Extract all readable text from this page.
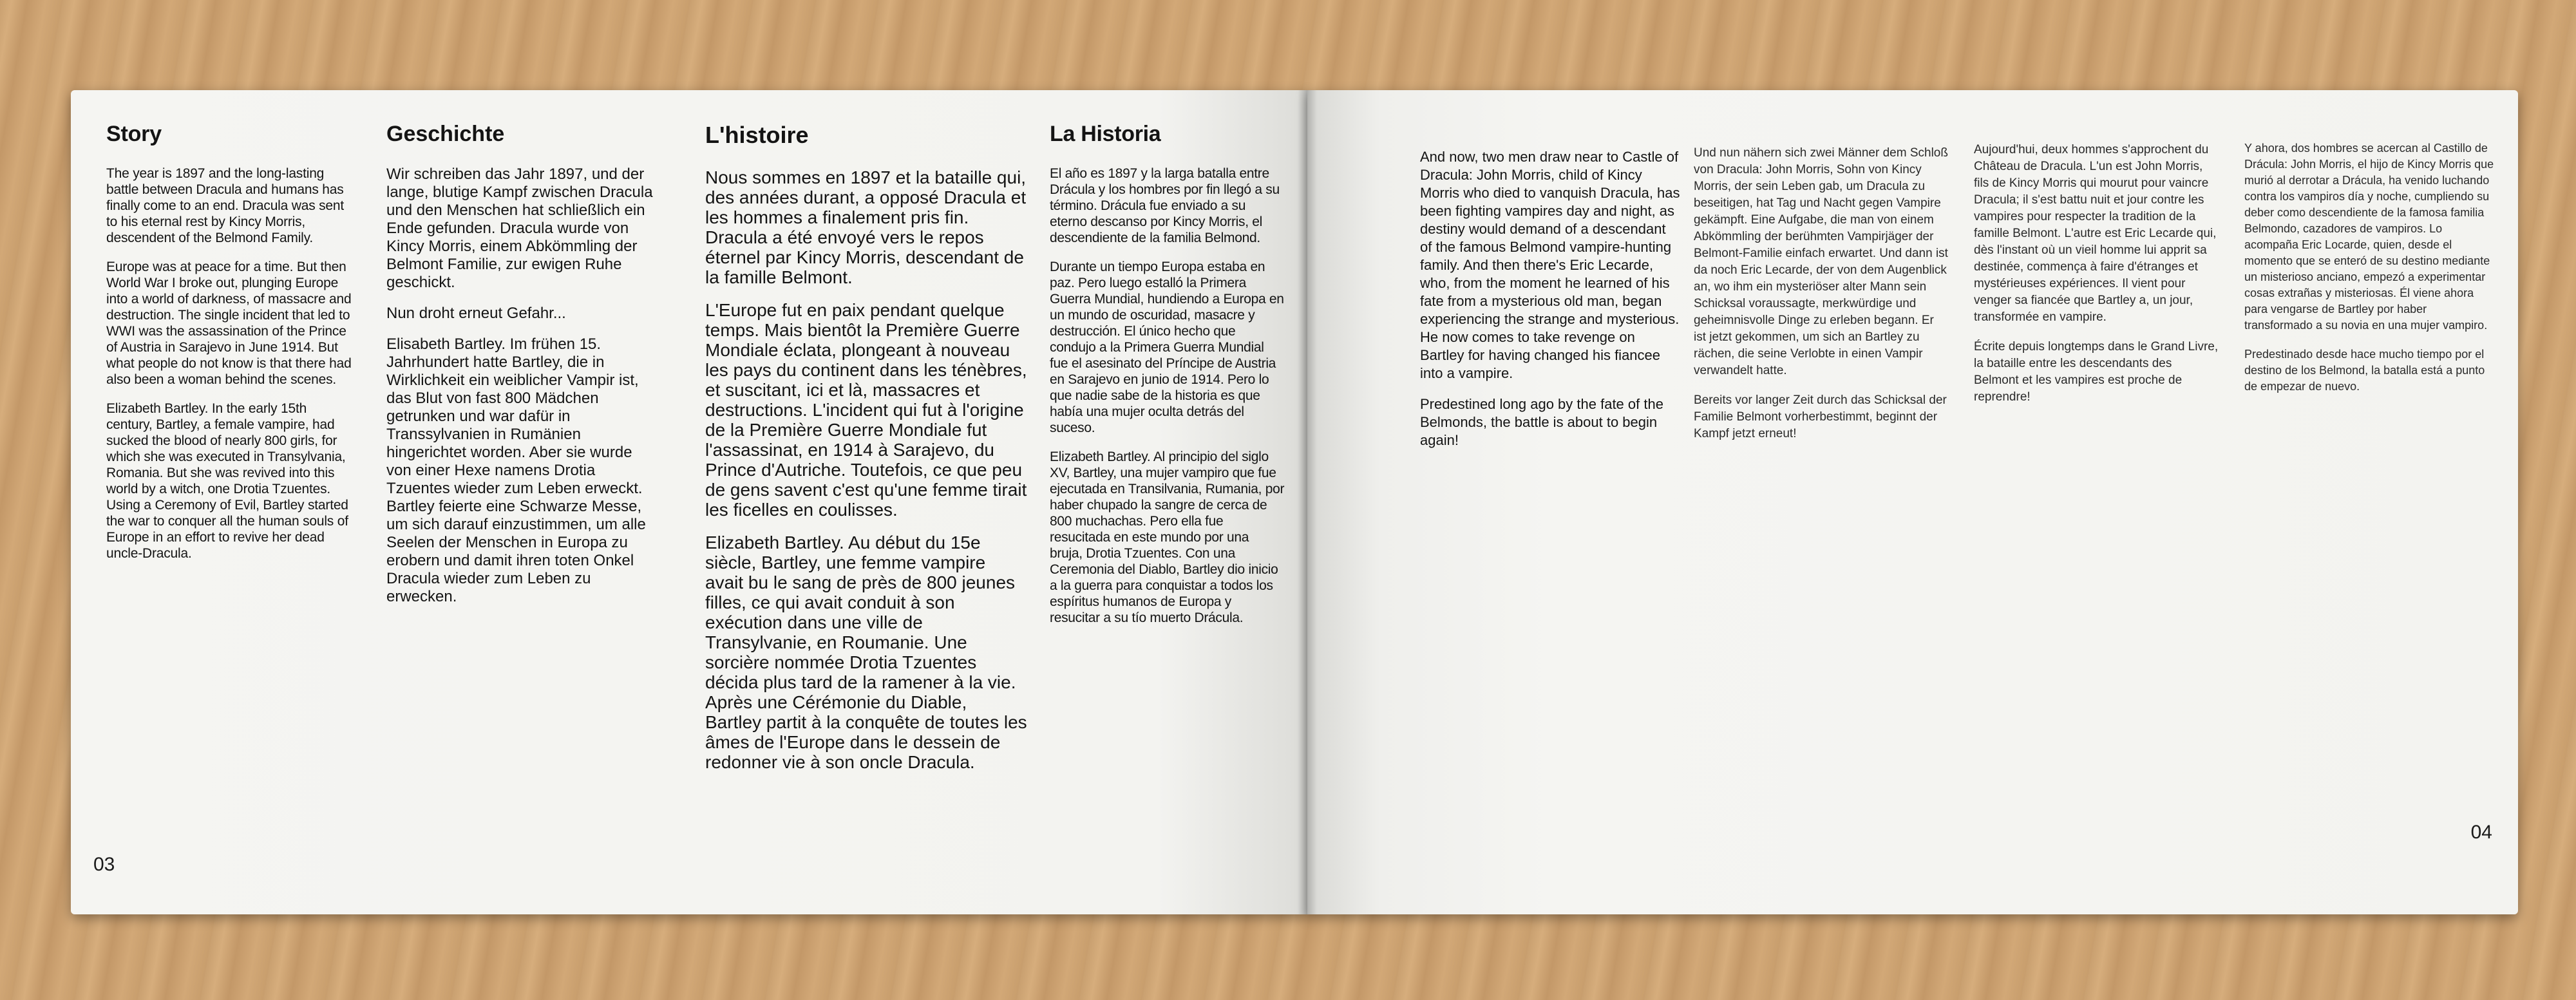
Story

The year is 1897 and the long-lasting battle between Dracula and humans has finally come to an end. Dracula was sent to his eternal rest by Kincy Morris, descendent of the Belmond Family.

Europe was at peace for a time. But then World War I broke out, plunging Europe into a world of darkness, of massacre and destruction. The single incident that led to WWI was the assassination of the Prince of Austria in Sarajevo in June 1914. But what people do not know is that there had also been a woman behind the scenes.

Elizabeth Bartley. In the early 15th century, Bartley, a female vampire, had sucked the blood of nearly 800 girls, for which she was executed in Transylvania, Romania. But she was revived into this world by a witch, one Drotia Tzuentes. Using a Ceremony of Evil, Bartley started the war to conquer all the human souls of Europe in an effort to revive her dead uncle-Dracula.

Geschichte

Wir schreiben das Jahr 1897, und der lange, blutige Kampf zwischen Dracula und den Menschen hat schließlich ein Ende gefunden. Dracula wurde von Kincy Morris, einem Abkömmling der Belmont Familie, zur ewigen Ruhe geschickt.

Nun droht erneut Gefahr...

Elisabeth Bartley. Im frühen 15. Jahrhundert hatte Bartley, die in Wirklichkeit ein weiblicher Vampir ist, das Blut von fast 800 Mädchen getrunken und war dafür in Transsylvanien in Rumänien hingerichtet worden. Aber sie wurde von einer Hexe namens Drotia Tzuentes wieder zum Leben erweckt. Bartley feierte eine Schwarze Messe, um sich darauf einzustimmen, um alle Seelen der Menschen in Europa zu erobern und damit ihren toten Onkel Dracula wieder zum Leben zu erwecken.

L'histoire

Nous sommes en 1897 et la bataille qui, des années durant, a opposé Dracula et les hommes a finalement pris fin. Dracula a été envoyé vers le repos éternel par Kincy Morris, descendant de la famille Belmont.

L'Europe fut en paix pendant quelque temps. Mais bientôt la Première Guerre Mondiale éclata, plongeant à nouveau les pays du continent dans les ténèbres, et suscitant, ici et là, massacres et destructions. L'incident qui fut à l'origine de la Première Guerre Mondiale fut l'assassinat, en 1914 à Sarajevo, du Prince d'Autriche. Toutefois, ce que peu de gens savent c'est qu'une femme tirait les ficelles en coulisses.

Elizabeth Bartley. Au début du 15e siècle, Bartley, une femme vampire avait bu le sang de près de 800 jeunes filles, ce qui avait conduit à son exécution dans une ville de Transylvanie, en Roumanie. Une sorcière nommée Drotia Tzuentes décida plus tard de la ramener à la vie. Après une Cérémonie du Diable, Bartley partit à la conquête de toutes les âmes de l'Europe dans le dessein de redonner vie à son oncle Dracula.

La Historia

El año es 1897 y la larga batalla entre Drácula y los hombres por fin llegó a su término. Drácula fue enviado a su eterno descanso por Kincy Morris, el descendiente de la familia Belmond.

Durante un tiempo Europa estaba en paz. Pero luego estalló la Primera Guerra Mundial, hundiendo a Europa en un mundo de oscuridad, masacre y destrucción. El único hecho que condujo a la Primera Guerra Mundial fue el asesinato del Príncipe de Austria en Sarajevo en junio de 1914. Pero lo que nadie sabe de la historia es que había una mujer oculta detrás del suceso.

Elizabeth Bartley. Al principio del siglo XV, Bartley, una mujer vampiro que fue ejecutada en Transilvania, Rumania, por haber chupado la sangre de cerca de 800 muchachas. Pero ella fue resucitada en este mundo por una bruja, Drotia Tzuentes. Con una Ceremonia del Diablo, Bartley dio inicio a la guerra para conquistar a todos los espíritus humanos de Europa y resucitar a su tío muerto Drácula.

03

And now, two men draw near to Castle of Dracula: John Morris, child of Kincy Morris who died to vanquish Dracula, has been fighting vampires day and night, as destiny would demand of a descendant of the famous Belmond vampire-hunting family. And then there's Eric Lecarde, who, from the moment he learned of his fate from a mysterious old man, began experiencing the strange and mysterious. He now comes to take revenge on Bartley for having changed his fiancee into a vampire.

Predestined long ago by the fate of the Belmonds, the battle is about to begin again!

Und nun nähern sich zwei Männer dem Schloß von Dracula: John Morris, Sohn von Kincy Morris, der sein Leben gab, um Dracula zu beseitigen, hat Tag und Nacht gegen Vampire gekämpft. Eine Aufgabe, die man von einem Abkömmling der berühmten Vampirjäger der Belmont-Familie einfach erwartet. Und dann ist da noch Eric Lecarde, der von dem Augenblick an, wo ihm ein mysteriöser alter Mann sein Schicksal voraussagte, merkwürdige und geheimnisvolle Dinge zu erleben begann. Er ist jetzt gekommen, um sich an Bartley zu rächen, die seine Verlobte in einen Vampir verwandelt hatte.

Bereits vor langer Zeit durch das Schicksal der Familie Belmont vorherbestimmt, beginnt der Kampf jetzt erneut!

Aujourd'hui, deux hommes s'approchent du Château de Dracula. L'un est John Morris, fils de Kincy Morris qui mourut pour vaincre Dracula; il s'est battu nuit et jour contre les vampires pour respecter la tradition de la famille Belmont. L'autre est Eric Lecarde qui, dès l'instant où un vieil homme lui apprit sa destinée, commença à faire d'étranges et mystérieuses expériences. Il vient pour venger sa fiancée que Bartley a, un jour, transformée en vampire.

Écrite depuis longtemps dans le Grand Livre, la bataille entre les descendants des Belmont et les vampires est proche de reprendre!

Y ahora, dos hombres se acercan al Castillo de Drácula: John Morris, el hijo de Kincy Morris que murió al derrotar a Drácula, ha venido luchando contra los vampiros día y noche, cumpliendo su deber como descendiente de la famosa familia Belmondo, cazadores de vampiros. Lo acompaña Eric Locarde, quien, desde el momento que se enteró de su destino mediante un misterioso anciano, empezó a experimentar cosas extrañas y misteriosas. Él viene ahora para vengarse de Bartley por haber transformado a su novia en una mujer vampiro.

Predestinado desde hace mucho tiempo por el destino de los Belmond, la batalla está a punto de empezar de nuevo.

04
